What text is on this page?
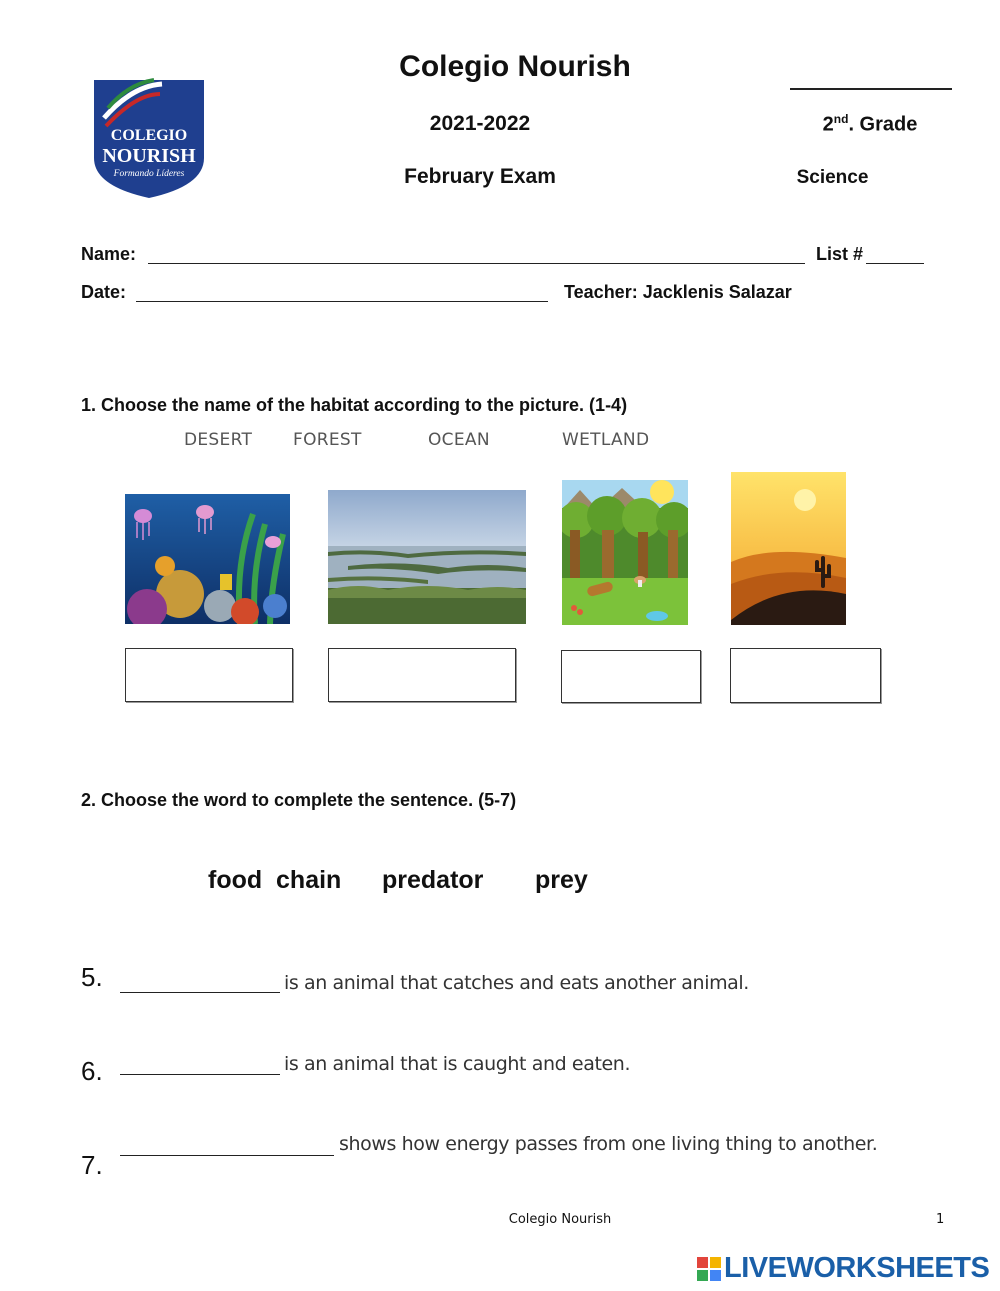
COLEGIO
NOURISH
Formando Líderes
Colegio Nourish
2021-2022
February Exam
2nd. Grade
Science
Name:	List #
Date:	Teacher: Jacklenis Salazar
1. Choose the name of the habitat according to the picture. (1-4)
DESERT FOREST	OCEAN	WETLAND
2. Choose the word to complete the sentence. (5-7)
food  chain predator prey
5.	is an animal that catches and eats another animal.
6.	is an animal that is caught and eaten.
7.
shows how energy passes from one living thing to another.
Colegio Nourish	1
LIVEWORKSHEETS
